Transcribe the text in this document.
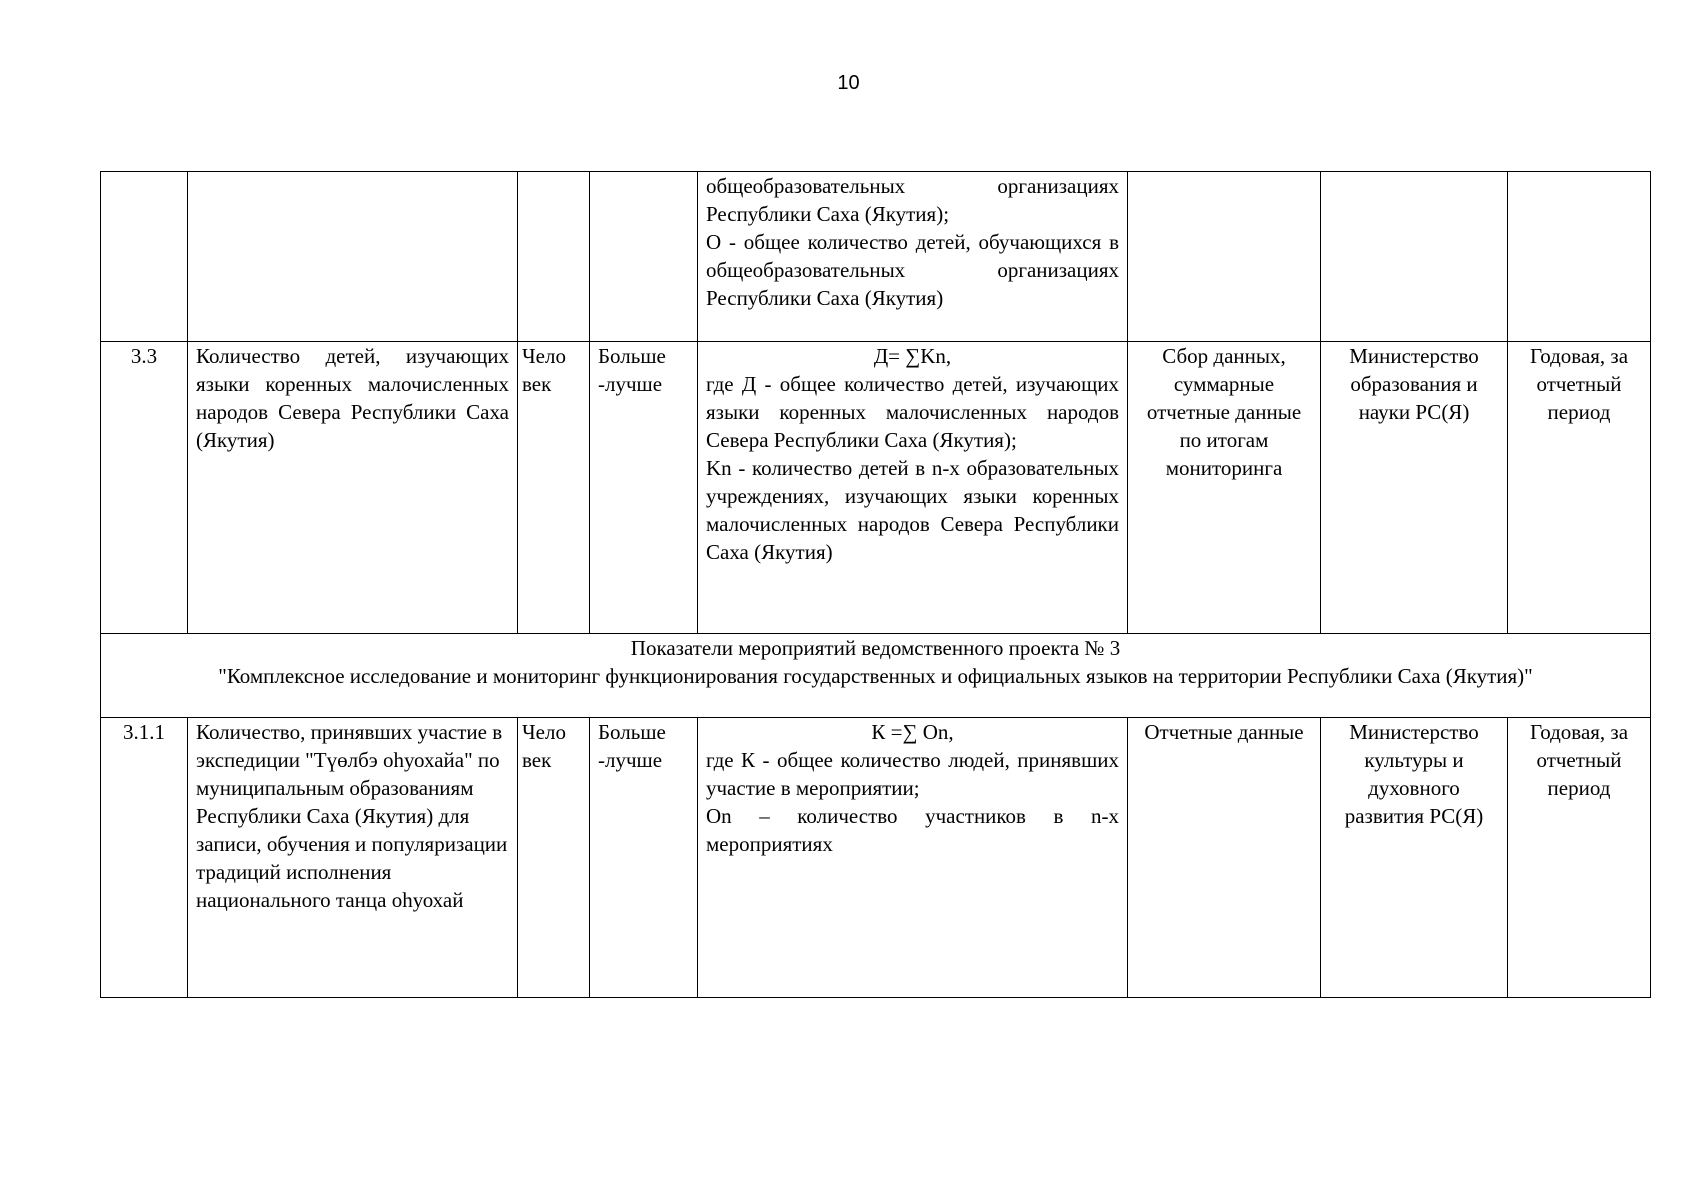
10

				общеобразовательных организациях Республики Саха (Якутия);
О - общее количество детей, обучающихся в общеобразовательных организациях Республики Саха (Якутия)			

3.3	Количество детей, изучающих языки коренных малочисленных народов Севера Республики Саха (Якутия)	Чело век	Больше -лучше	Д= ∑Kn,
где Д - общее количество детей, изучающих языки коренных малочисленных народов Севера Республики Саха (Якутия);
Kn - количество детей в n-х образовательных учреждениях, изучающих языки коренных малочисленных народов Севера Республики Саха (Якутия)	Сбор данных, суммарные отчетные данные по итогам мониторинга	Министерство образования и науки РС(Я)	Годовая, за отчетный период

Показатели мероприятий ведомственного проекта № 3
"Комплексное исследование и мониторинг функционирования государственных и официальных языков на территории Республики Саха (Якутия)"							

3.1.1	Количество, принявших участие в экспедиции "Түөлбэ оһуохайа" по муниципальным образованиям Республики Саха (Якутия) для записи, обучения и популяризации традиций исполнения национального танца оһуохай	Чело век	Больше -лучше	К =∑ On,
где К - общее количество людей, принявших участие в мероприятии;
On – количество участников в n-х мероприятиях	Отчетные данные	Министерство культуры и духовного развития РС(Я)	Годовая, за отчетный период
